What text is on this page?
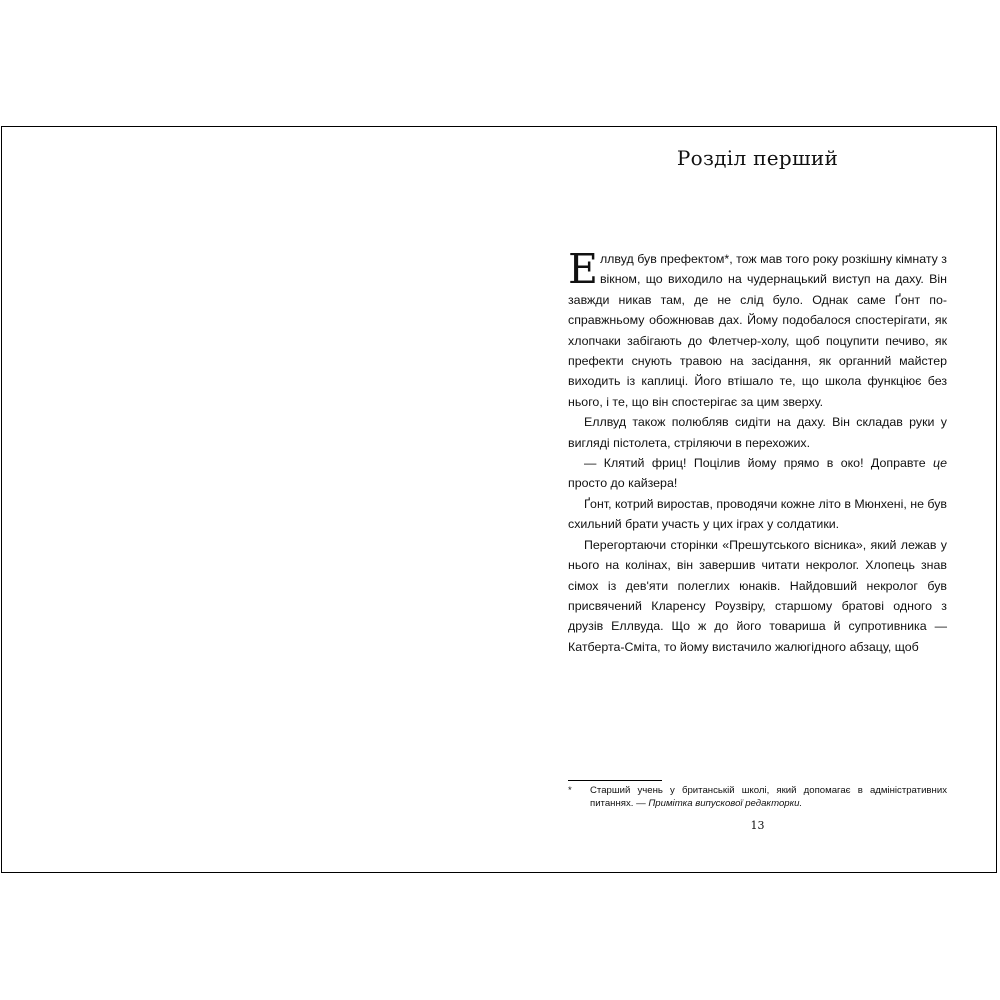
Розділ перший

Еллвуд був префектом*, тож мав того року розкішну кімнату з вікном, що виходило на чудернацький виступ на даху. Він завжди никав там, де не слід було. Однак саме Ґонт по-справжньому обожнював дах. Йому подобалося спостерігати, як хлопчаки забігають до Флетчер-холу, щоб поцупити печиво, як префекти снують травою на засідання, як органний майстер виходить із каплиці. Його втішало те, що школа функціює без нього, і те, що він спостерігає за цим зверху.

Еллвуд також полюбляв сидіти на даху. Він складав руки у вигляді пістолета, стріляючи в перехожих.

— Клятий фриц! Поцілив йому прямо в око! Доправте це просто до кайзера!

Ґонт, котрий виростав, проводячи кожне літо в Мюнхені, не був схильний брати участь у цих іграх у солдатики.

Перегортаючи сторінки «Прешутського вісника», який лежав у нього на колінах, він завершив читати некролог. Хлопець знав сімох із дев'яти полеглих юнаків. Найдовший некролог був присвячений Кларенсу Роузвіру, старшому братові одного з друзів Еллвуда. Що ж до його товариша й супротивника — Катберта-Сміта, то йому вистачило жалюгідного абзацу, щоб

* Старший учень у британській школі, який допомагає в адміністративних питаннях. — Примітка випускової редакторки.
13
